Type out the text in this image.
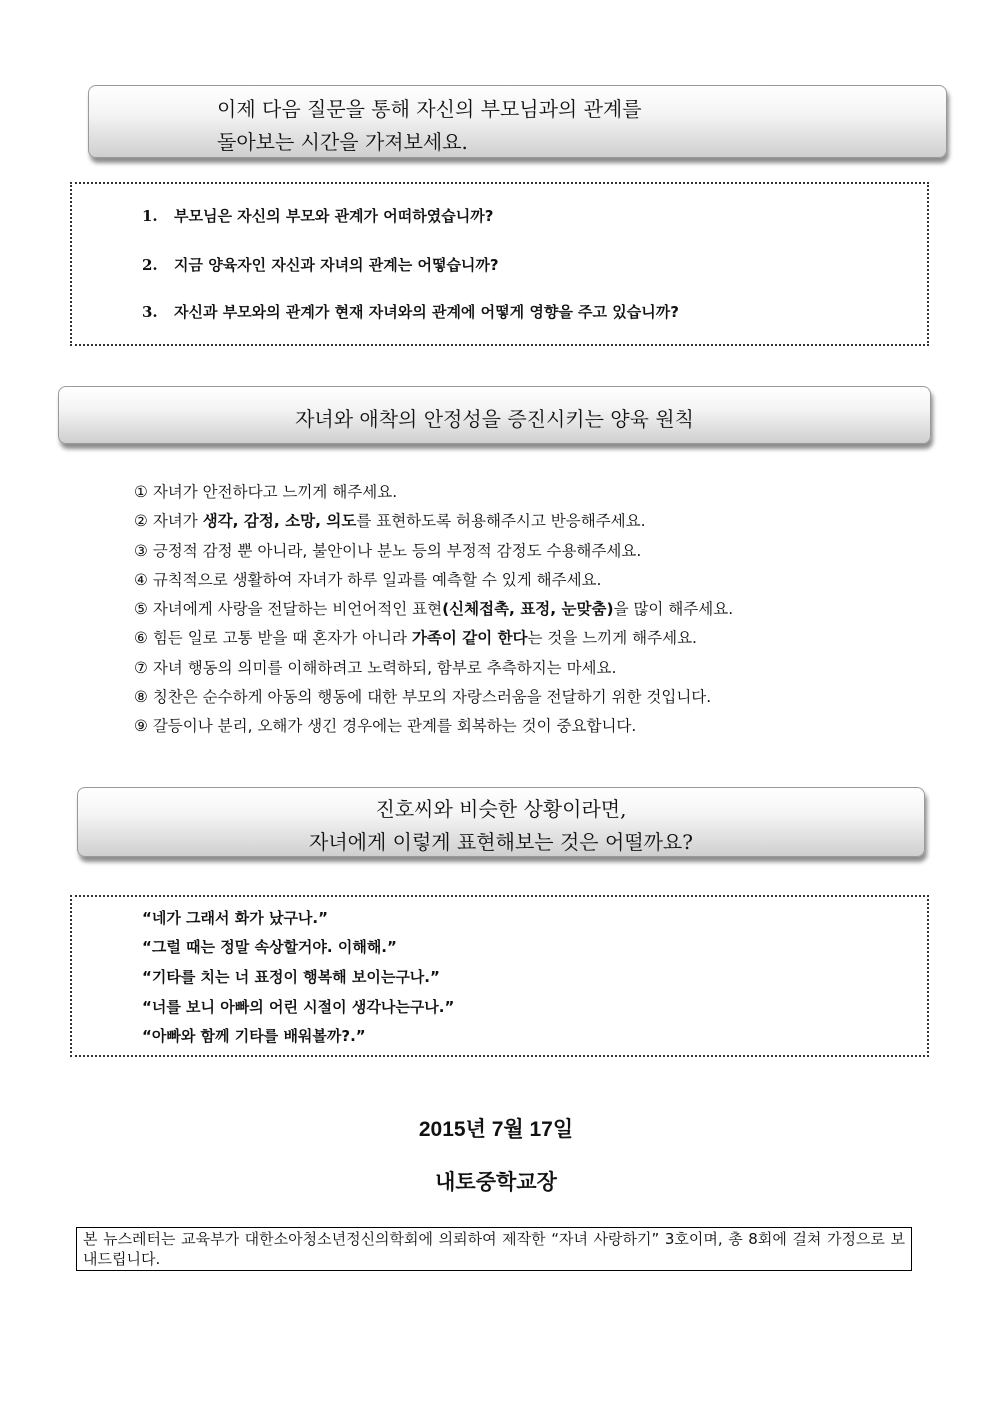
이제 다음 질문을 통해 자신의 부모님과의 관계를
돌아보는 시간을 가져보세요.
1. 부모님은 자신의 부모와 관계가 어떠하였습니까?
2. 지금 양육자인 자신과 자녀의 관계는 어떻습니까?
3. 자신과 부모와의 관계가 현재 자녀와의 관계에 어떻게 영향을 주고 있습니까?
자녀와 애착의 안정성을 증진시키는 양육 원칙
① 자녀가 안전하다고 느끼게 해주세요.
② 자녀가 생각, 감정, 소망, 의도를 표현하도록 허용해주시고 반응해주세요.
③ 긍정적 감정 뿐 아니라, 불안이나 분노 등의 부정적 감정도 수용해주세요.
④ 규칙적으로 생활하여 자녀가 하루 일과를 예측할 수 있게 해주세요.
⑤ 자녀에게 사랑을 전달하는 비언어적인 표현(신체접촉, 표정, 눈맞춤)을 많이 해주세요.
⑥ 힘든 일로 고통 받을 때 혼자가 아니라 가족이 같이 한다는 것을 느끼게 해주세요.
⑦ 자녀 행동의 의미를 이해하려고 노력하되, 함부로 추측하지는 마세요.
⑧ 칭찬은 순수하게 아동의 행동에 대한 부모의 자랑스러움을 전달하기 위한 것입니다.
⑨ 갈등이나 분리, 오해가 생긴 경우에는 관계를 회복하는 것이 중요합니다.
진호씨와 비슷한 상황이라면,
자녀에게 이렇게 표현해보는 것은 어떨까요?
“네가 그래서 화가 났구나.”
“그럴 때는 정말 속상할거야. 이해해.”
“기타를 치는 너 표정이 행복해 보이는구나.”
“너를 보니 아빠의 어린 시절이 생각나는구나.”
“아빠와 함께 기타를 배워볼까?.”
2015년 7월 17일
내토중학교장
본 뉴스레터는 교육부가 대한소아청소년정신의학회에 의뢰하여 제작한 “자녀 사랑하기” 3호이며, 총 8회에 걸쳐 가정으로 보내드립니다.
